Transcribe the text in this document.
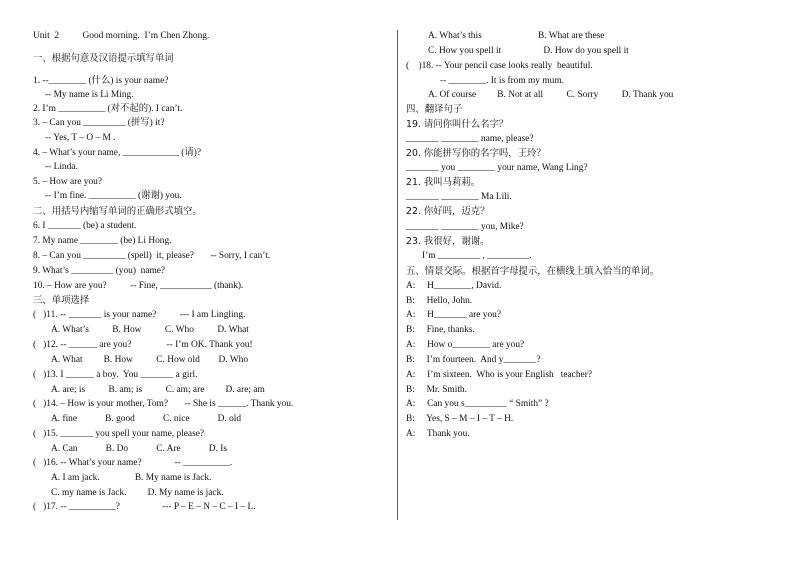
Unit  2          Good morning.  I’m Chen Zhong.
一、根据句意及汉语提示填写单词
1. --________ (什么) is your name?
-- My name is Li Ming.
2. I’m __________ (对不起的). I can’t.
3. – Can you _________ (拼写) it?
-- Yes, T – O – M .
4. – What’s your name, ____________ (请)?
-- Linda.
5. – How are you?
-- I’m fine. __________ (谢谢) you.
二、用括号内缩写单词的正确形式填空。
6. I _______ (be) a student.
7. My name ________ (be) Li Hong.
8. – Can you _________ (spell)  it, please?       -- Sorry, I can’t.
9. What’s _________ (you)  name?
10. – How are you?          -- Fine, ___________ (thank).
三、单项选择
(   )11. -- _______ is your name?          --- I am Lingling.
A. What’s          B. How          C. Who          D. What
(   )12. -- ______ are you?               -- I’m OK. Thank you!
A. What         B. How          C. How old        D. Who
(   )13. I ______ a boy.  You _______ a girl.
A. are; is          B. am; is          C. am; are         D. are; am
(   )14. – How is your mother, Tom?       -- She is ______. Thank you.
A. fine            B. good            C. nice            D. old
(   )15. _______ you spell your name, please?
A. Can            B. Do            C. Are            D. Is
(   )16. -- What’s your name?              -- __________.
A. I am jack.               B. My name is Jack.
C. my name is Jack.         D. My name is jack.
(   )17. -- __________?                  --- P – E – N – C – I – L.
A. What’s this                        B. What are these
C. How you spell it                  D. How do you spell it
(    )18. -- Your pencil case looks really  beautiful.
-- ________. It is from my mum.
A. Of course         B. Not at all          C. Sorry          D. Thank you
四、翻译句子
19. 请问你叫什么名字？
_______ ________ name, please?
20. 你能拼写你的名字吗，王玲？
_______ you ________ your name, Wang Ling?
21. 我叫马莉莉。
_______ ________ Ma Lili.
22. 你好吗，迈克？
_______ ________ you, Mike?
23. 我很好，谢谢。
I’m _________ , _________.
五、情景交际。根据首字母提示，在横线上填入恰当的单词。
A:     H________, David.
B:     Hello, John.
A:     H_______ are you?
B:     Fine, thanks.
A:     How o________ are you?
B:     I’m fourteen.  And y_______?
A:     I’m sixteen.  Who is your English   teacher?
B:     Mr. Smith.
A:     Can you s_________ “ Smith” ?
B:     Yes, S – M – I – T – H.
A:     Thank you.
